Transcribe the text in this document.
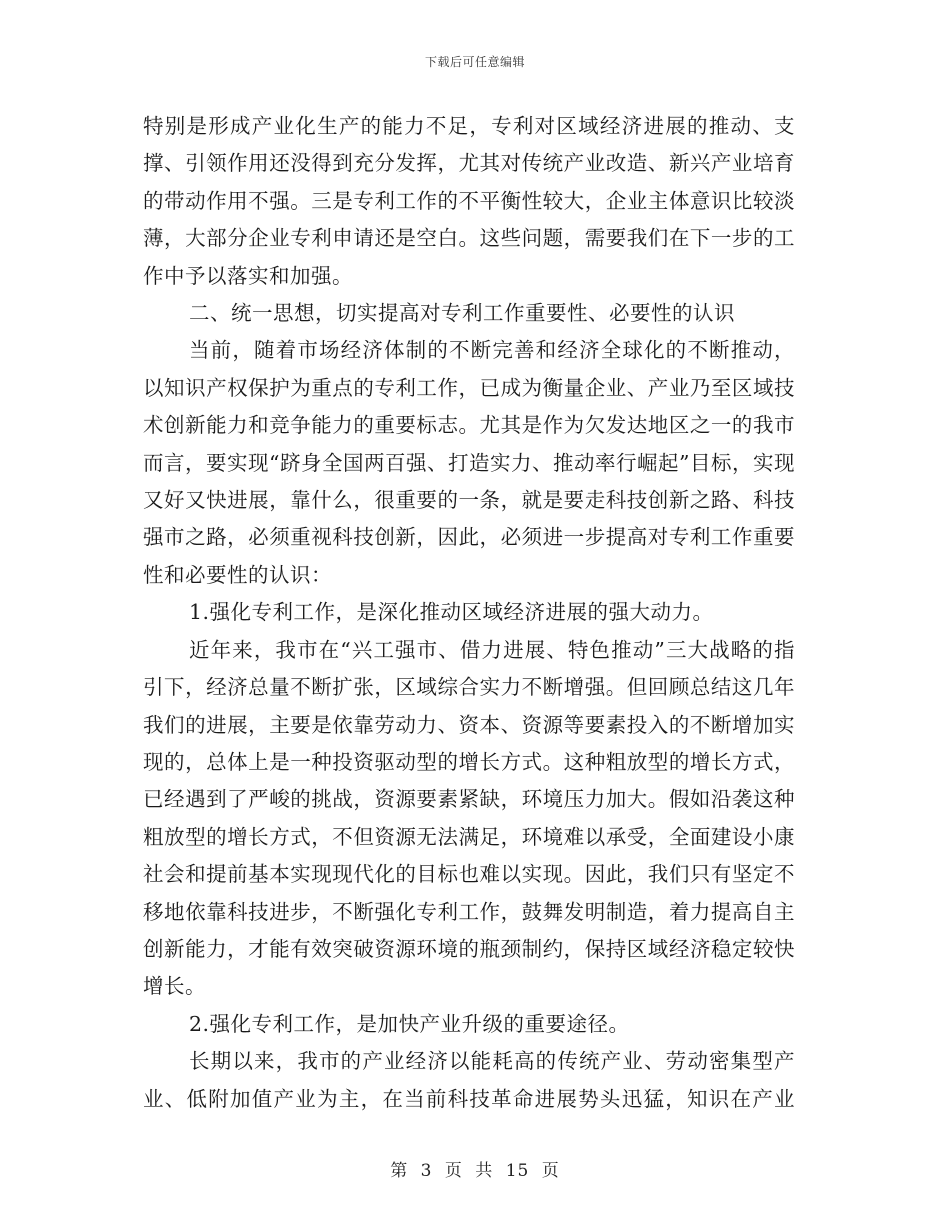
下载后可任意编辑

特别是形成产业化生产的能力不足，专利对区域经济进展的推动、支撑、引领作用还没得到充分发挥，尤其对传统产业改造、新兴产业培育的带动作用不强。三是专利工作的不平衡性较大，企业主体意识比较淡薄，大部分企业专利申请还是空白。这些问题，需要我们在下一步的工作中予以落实和加强。

二、统一思想，切实提高对专利工作重要性、必要性的认识

当前，随着市场经济体制的不断完善和经济全球化的不断推动，以知识产权保护为重点的专利工作，已成为衡量企业、产业乃至区域技术创新能力和竞争能力的重要标志。尤其是作为欠发达地区之一的我市而言，要实现“跻身全国两百强、打造实力、推动率行崛起”目标，实现又好又快进展，靠什么，很重要的一条，就是要走科技创新之路、科技强市之路，必须重视科技创新，因此，必须进一步提高对专利工作重要性和必要性的认识：

1.强化专利工作，是深化推动区域经济进展的强大动力。

近年来，我市在“兴工强市、借力进展、特色推动”三大战略的指引下，经济总量不断扩张，区域综合实力不断增强。但回顾总结这几年我们的进展，主要是依靠劳动力、资本、资源等要素投入的不断增加实现的，总体上是一种投资驱动型的增长方式。这种粗放型的增长方式，已经遇到了严峻的挑战，资源要素紧缺，环境压力加大。假如沿袭这种粗放型的增长方式，不但资源无法满足，环境难以承受，全面建设小康社会和提前基本实现现代化的目标也难以实现。因此，我们只有坚定不移地依靠科技进步，不断强化专利工作，鼓舞发明制造，着力提高自主创新能力，才能有效突破资源环境的瓶颈制约，保持区域经济稳定较快增长。

2.强化专利工作，是加快产业升级的重要途径。

长期以来，我市的产业经济以能耗高的传统产业、劳动密集型产业、低附加值产业为主，在当前科技革命进展势头迅猛，知识在产业

第 3 页 共 15 页
